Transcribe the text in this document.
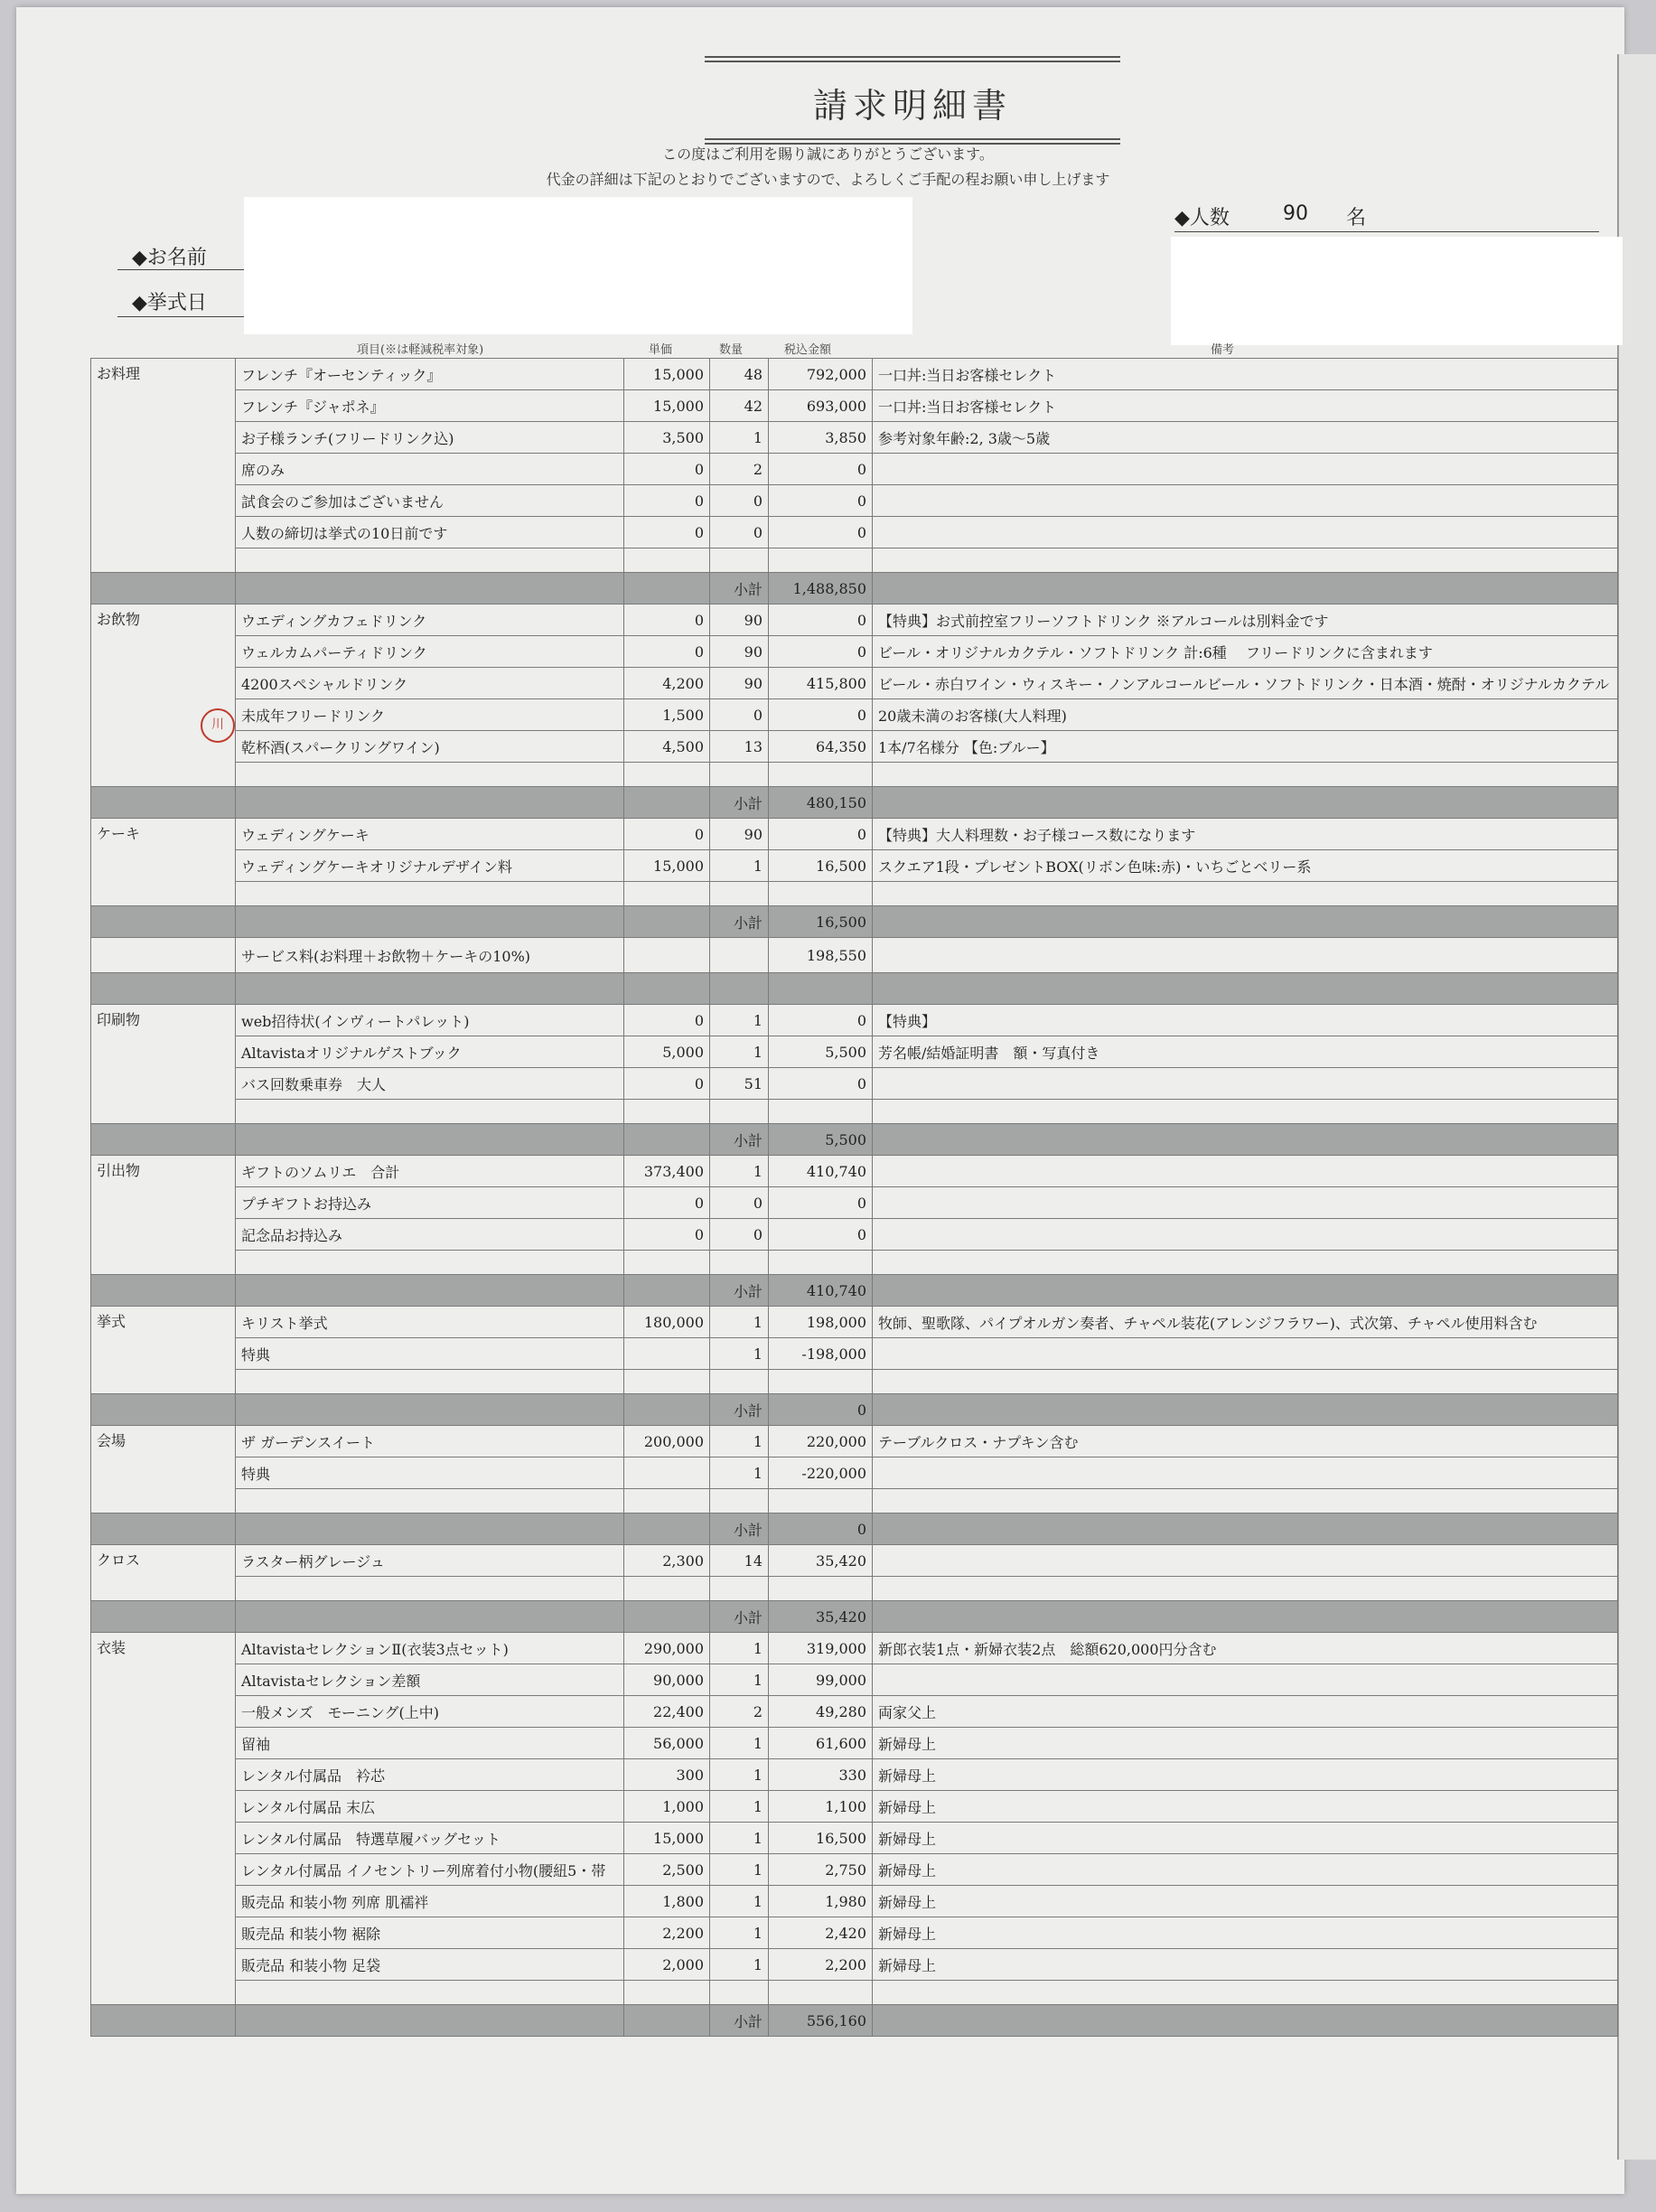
請求明細書
この度はご利用を賜り誠にありがとうございます。
代金の詳細は下記のとおりでございますので、よろしくご手配の程お願い申し上げます
◆お名前
◆挙式日
◆人数	90 名
項目(※は軽減税率対象)	単価	数量	税込金額	備考
お料理	フレンチ『オーセンティック』	15,000	48	792,000	一口丼:当日お客様セレクト
	フレンチ『ジャポネ』	15,000	42	693,000	一口丼:当日お客様セレクト
	お子様ランチ(フリードリンク込)	3,500	1	3,850	参考対象年齢:2, 3歳～5歳
	席のみ	0	2	0	
	試食会のご参加はございません	0	0	0	
	人数の締切は挙式の10日前です	0	0	0	

			小計	1,488,850	
お飲物	ウエディングカフェドリンク	0	90	0	【特典】お式前控室フリーソフトドリンク ※アルコールは別料金です
	ウェルカムパーティドリンク	0	90	0	ビール・オリジナルカクテル・ソフトドリンク 計:6種　 フリードリンクに含まれます
	4200スペシャルドリンク	4,200	90	415,800	ビール・赤白ワイン・ウィスキー・ノンアルコールビール・ソフトドリンク・日本酒・焼酎・オリジナルカクテル
	未成年フリードリンク	1,500	0	0	20歳未満のお客様(大人料理)
	乾杯酒(スパークリングワイン)	4,500	13	64,350	1本/7名様分 【色:ブルー】

			小計	480,150	
ケーキ	ウェディングケーキ	0	90	0	【特典】大人料理数・お子様コース数になります
	ウェディングケーキオリジナルデザイン料	15,000	1	16,500	スクエア1段・プレゼントBOX(リボン色味:赤)・いちごとベリー系

			小計	16,500	
	サービス料(お料理＋お飲物＋ケーキの10%)			198,550	

印刷物	web招待状(インヴィートパレット)	0	1	0	【特典】
	Altavistaオリジナルゲストブック	5,000	1	5,500	芳名帳/結婚証明書　額・写真付き
	バス回数乗車券　大人	0	51	0	

			小計	5,500	
引出物	ギフトのソムリエ　合計	373,400	1	410,740	
	プチギフトお持込み	0	0	0	
	記念品お持込み	0	0	0	

			小計	410,740	
挙式	キリスト挙式	180,000	1	198,000	牧師、聖歌隊、パイプオルガン奏者、チャペル装花(アレンジフラワー)、式次第、チャペル使用料含む
	特典		1	-198,000	

			小計	0	
会場	ザ ガーデンスイート	200,000	1	220,000	テーブルクロス・ナプキン含む
	特典		1	-220,000	

			小計	0	
クロス	ラスター柄グレージュ	2,300	14	35,420	

			小計	35,420	
衣装	AltavistaセレクションⅡ(衣装3点セット)	290,000	1	319,000	新郎衣装1点・新婦衣装2点　総額620,000円分含む
	Altavistaセレクション差額	90,000	1	99,000	
	一般メンズ　モーニング(上中)	22,400	2	49,280	両家父上
	留袖	56,000	1	61,600	新婦母上
	レンタル付属品　衿芯	300	1	330	新婦母上
	レンタル付属品 末広	1,000	1	1,100	新婦母上
	レンタル付属品　特選草履バッグセット	15,000	1	16,500	新婦母上
	レンタル付属品 イノセントリー列席着付小物(腰紐5・帯	2,500	1	2,750	新婦母上
	販売品 和装小物 列席 肌襦袢	1,800	1	1,980	新婦母上
	販売品 和装小物 裾除	2,200	1	2,420	新婦母上
	販売品 和装小物 足袋	2,000	1	2,200	新婦母上

			小計	556,160	
川
